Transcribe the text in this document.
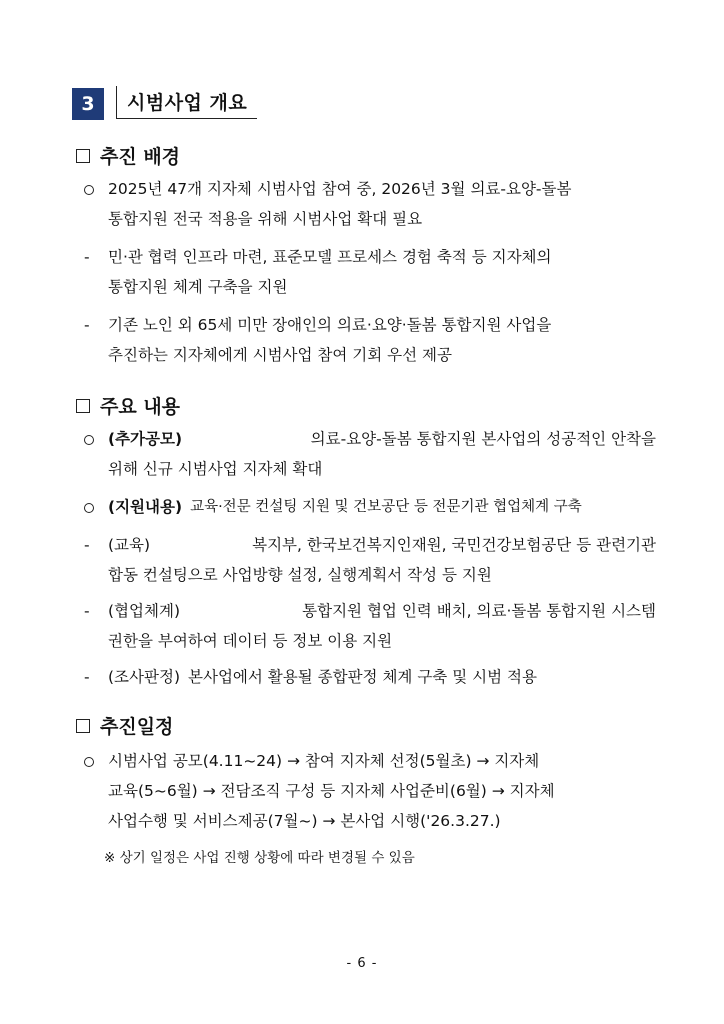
3	시범사업 개요
추진 배경
2025년 47개 지자체 시범사업 참여 중, 2026년 3월 의료-요양-돌봄
통합지원 전국 적용을 위해 시범사업 확대 필요
- 민·관 협력 인프라 마련, 표준모델 프로세스 경험 축적 등 지자체의
통합지원 체계 구축을 지원
- 기존 노인 외 65세 미만 장애인의 의료·요양·돌봄 통합지원 사업을
추진하는 지자체에게 시범사업 참여 기회 우선 제공
주요 내용
(추가공모)	의료-요양-돌봄 통합지원 본사업의 성공적인 안착을
위해 신규 시범사업 지자체 확대
(지원내용) 교육·전문 컨설팅 지원 및 건보공단 등 전문기관 협업체계 구축
- (교육)	복지부, 한국보건복지인재원, 국민건강보험공단 등 관련기관
합동 컨설팅으로 사업방향 설정, 실행계획서 작성 등 지원
- (협업체계)	통합지원 협업 인력 배치, 의료·돌봄 통합지원 시스템
권한을 부여하여 데이터 등 정보 이용 지원
- (조사판정) 본사업에서 활용될 종합판정 체계 구축 및 시범 적용
추진일정
시범사업 공모(4.11~24) → 참여 지자체 선정(5월초) → 지자체
교육(5~6월) → 전담조직 구성 등 지자체 사업준비(6월) → 지자체
사업수행 및 서비스제공(7월~) → 본사업 시행('26.3.27.)
※ 상기 일정은 사업 진행 상황에 따라 변경될 수 있음
- 6 -
